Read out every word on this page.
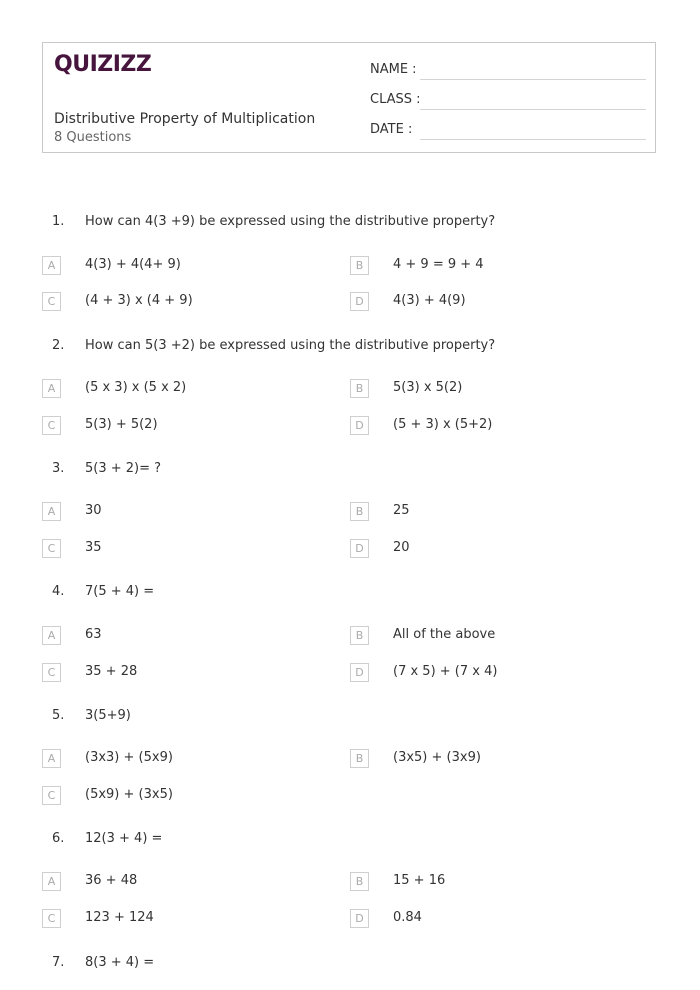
QUIZIZZ
Distributive Property of Multiplication
8 Questions
NAME :
CLASS :
DATE :
1. How can 4(3 +9) be expressed using the distributive property?
A	4(3) + 4(4+ 9)	B	4 + 9 = 9 + 4
C	(4 + 3) x (4 + 9)	D	4(3) + 4(9)
2. How can 5(3 +2) be expressed using the distributive property?
A	(5 x 3) x (5 x 2)	B	5(3) x 5(2)
C	5(3) + 5(2)	D	(5 + 3) x (5+2)
3. 5(3 + 2)= ?
A	30	B	25
C	35	D	20
4. 7(5 + 4) =
A	63	B	All of the above
C	35 + 28	D	(7 x 5) + (7 x 4)
5. 3(5+9)
A	(3x3) + (5x9)	B	(3x5) + (3x9)
C	(5x9) + (3x5)
6. 12(3 + 4) =
A	36 + 48	B	15 + 16
C	123 + 124	D	0.84
7. 8(3 + 4) =
